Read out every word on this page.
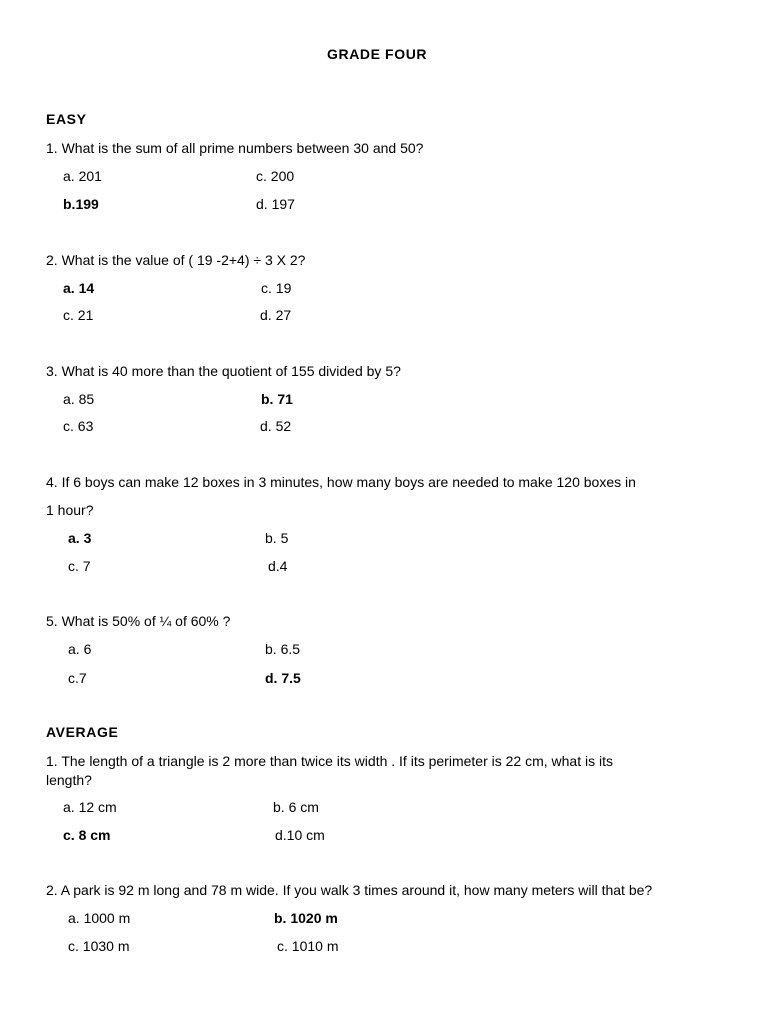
GRADE FOUR
EASY
1. What is the sum of all prime numbers between 30 and 50?
a. 201	c. 200
b.199	d. 197
2. What is the value of ( 19 -2+4) ÷ 3 X 2?
a. 14	c. 19
c. 21	d. 27
3. What is 40 more than the quotient of 155 divided by 5?
a. 85	b. 71
c. 63	d. 52
4. If 6 boys can make 12 boxes in 3 minutes, how many boys are needed to make 120 boxes in
1 hour?
a. 3	b. 5
c. 7	d.4
5. What is 50% of ¼ of 60% ?
a. 6	b. 6.5
c.7	d. 7.5
AVERAGE
1. The length of a triangle is 2 more than twice its width . If its perimeter is 22 cm, what is its
length?
a. 12 cm	b. 6 cm
c. 8 cm	d.10 cm
2. A park is 92 m long and 78 m wide. If you walk 3 times around it, how many meters will that be?
a. 1000 m	b. 1020 m
c. 1030 m	c. 1010 m
